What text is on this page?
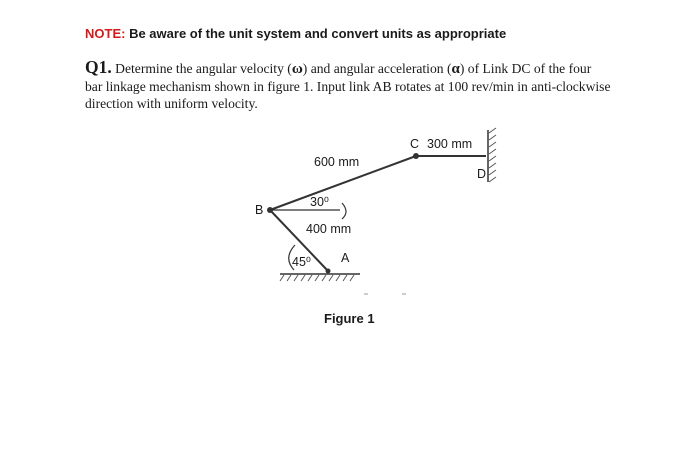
NOTE: Be aware of the unit system and convert units as appropriate
Q1. Determine the angular velocity (ω) and angular acceleration (α) of Link DC of the four
bar linkage mechanism shown in figure 1. Input link AB rotates at 100 rev/min in anti-clockwise
direction with uniform velocity.
C 300 mm
D
600 mm
B
30⁰
400 mm
45⁰ A
Figure 1
